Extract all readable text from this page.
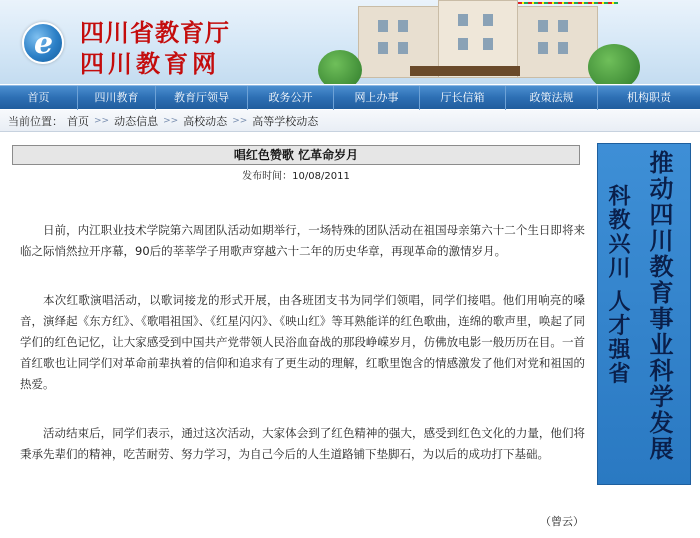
e 四川省教育厅
四川教育网
首页	四川教育	教育厅领导	政务公开	网上办事	厅长信箱	政策法规	机构职责
当前位置： 首页 >> 动态信息 >> 高校动态 >> 高等学校动态
唱红色赞歌 忆革命岁月
发布时间：10/08/2011

日前，内江职业技术学院第六周团队活动如期举行，一场特殊的团队活动在祖国母亲第六十二个生日即将来临之际悄然拉开序幕，90后的莘莘学子用歌声穿越六十二年的历史华章，再现革命的激情岁月。

本次红歌演唱活动，以歌词接龙的形式开展，由各班团支书为同学们领唱，同学们接唱。他们用响亮的嗓音，演绎起《东方红》、《歌唱祖国》、《红星闪闪》、《映山红》等耳熟能详的红色歌曲，连绵的歌声里，唤起了同学们的红色记忆，让大家感受到中国共产党带领人民浴血奋战的那段峥嵘岁月，仿佛放电影一般历历在目。一首首红歌也让同学们对革命前辈执着的信仰和追求有了更生动的理解，红歌里饱含的情感激发了他们对党和祖国的热爱。

活动结束后，同学们表示，通过这次活动，大家体会到了红色精神的强大，感受到红色文化的力量，他们将秉承先辈们的精神，吃苦耐劳、努力学习，为自己今后的人生道路铺下垫脚石，为以后的成功打下基础。

（曾云）
推动四川教育事业科学发展
科教兴川 人才强省
